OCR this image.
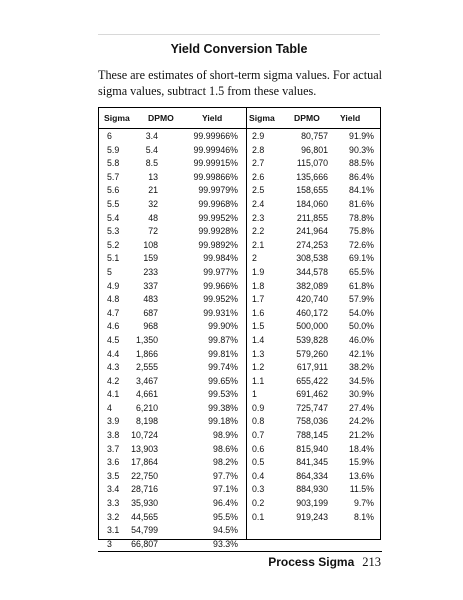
Yield Conversion Table
These are estimates of short-term sigma values. For actual sigma values, subtract 1.5 from these values.
Sigma DPMO	Yield
6	3.4	99.99966%
5.9	5.4	99.99946%
5.8	8.5	99.99915%
5.7	13	99.99866%
5.6	21	99.9979%
5.5	32	99.9968%
5.4	48	99.9952%
5.3	72	99.9928%
5.2	108	99.9892%
5.1	159	99.984%
5	233	99.977%
4.9	337	99.966%
4.8	483	99.952%
4.7	687	99.931%
4.6	968	99.90%
4.5 1,350	99.87%
4.4 1,866	99.81%
4.3 2,555	99.74%
4.2 3,467	99.65%
4.1 4,661	99.53%
4	6,210	99.38%
3.9 8,198	99.18%
3.8 10,724	98.9%
3.7 13,903	98.6%
3.6 17,864	98.2%
3.5 22,750	97.7%
3.4 28,716	97.1%
3.3 35,930	96.4%
3.2 44,565	95.5%
3.1 54,799	94.5%
3 66,807	93.3%
Sigma DPMO Yield
2.9	80,757 91.9%
2.8	96,801 90.3%
2.7	115,070 88.5%
2.6	135,666 86.4%
2.5	158,655 84.1%
2.4	184,060 81.6%
2.3	211,855 78.8%
2.2	241,964 75.8%
2.1	274,253 72.6%
2	308,538 69.1%
1.9	344,578 65.5%
1.8	382,089 61.8%
1.7	420,740 57.9%
1.6	460,172 54.0%
1.5	500,000 50.0%
1.4	539,828 46.0%
1.3	579,260 42.1%
1.2	617,911 38.2%
1.1	655,422 34.5%
1	691,462 30.9%
0.9	725,747 27.4%
0.8	758,036 24.2%
0.7	788,145 21.2%
0.6	815,940 18.4%
0.5	841,345 15.9%
0.4	864,334 13.6%
0.3	884,930 11.5%
0.2	903,199	9.7%
0.1	919,243	8.1%
Process Sigma 213
